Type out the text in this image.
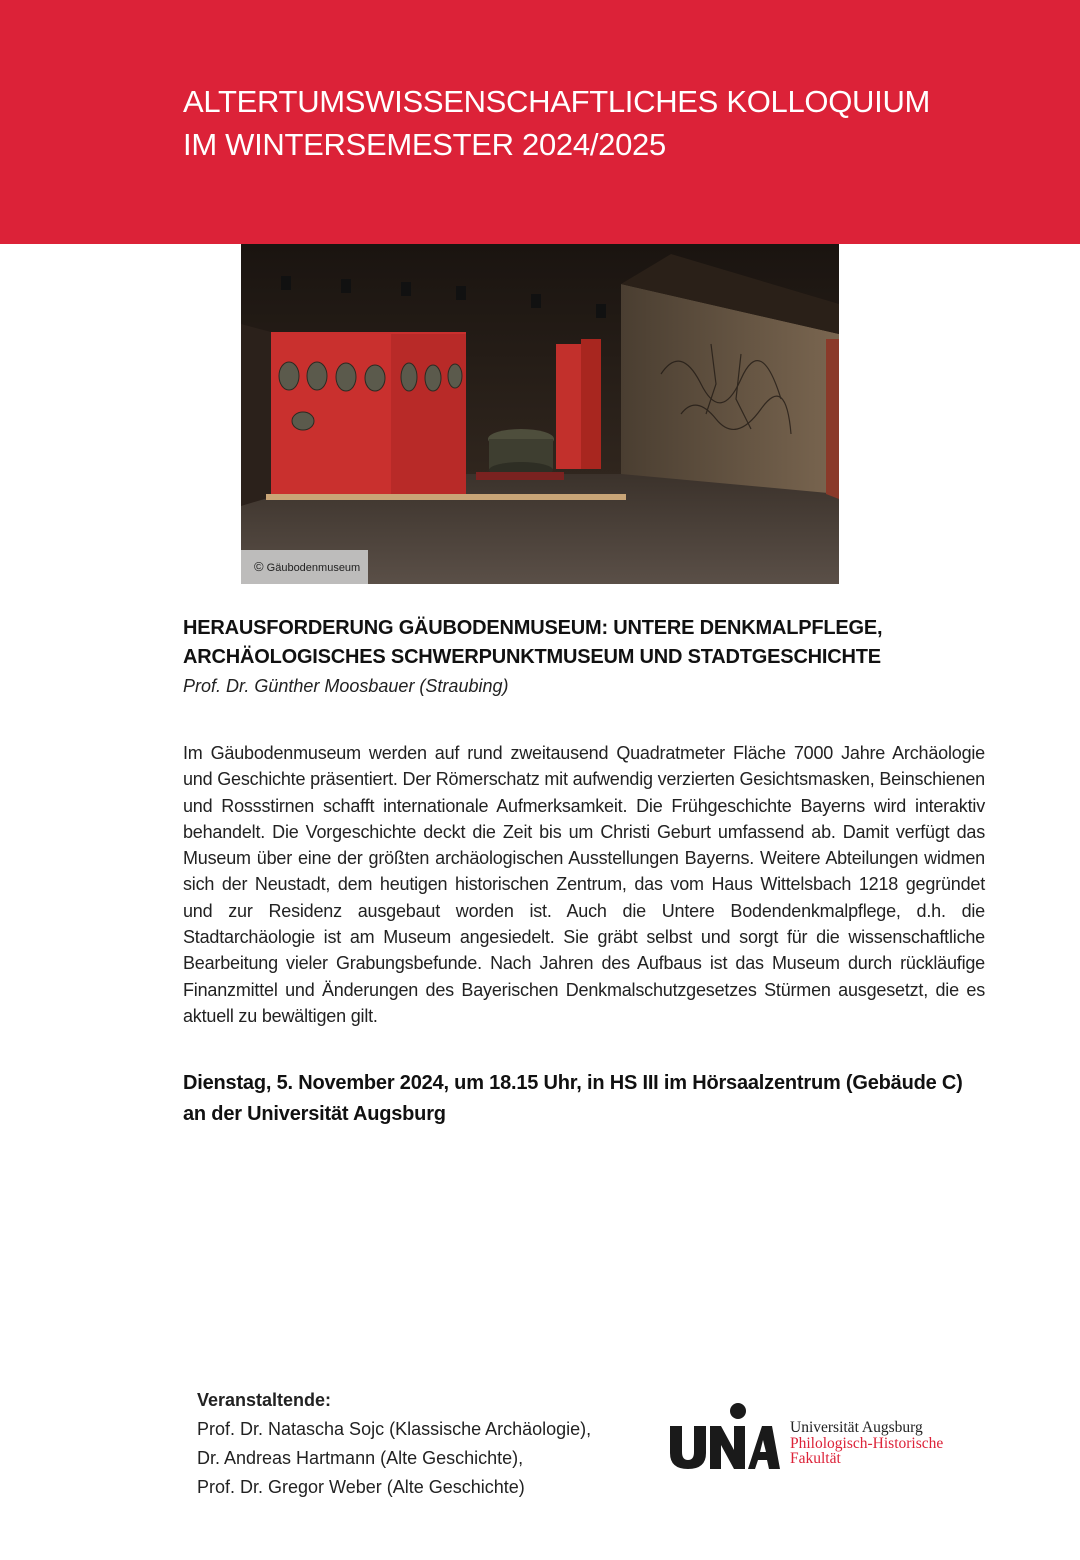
ALTERTUMSWISSENSCHAFTLICHES KOLLOQUIUM
IM WINTERSEMESTER 2024/2025
© Gäubodenmuseum
HERAUSFORDERUNG GÄUBODENMUSEUM: UNTERE DENKMALPFLEGE,
ARCHÄOLOGISCHES SCHWERPUNKTMUSEUM UND STADTGESCHICHTE

Prof. Dr. Günther Moosbauer (Straubing)

Im Gäubodenmuseum werden auf rund zweitausend Quadratmeter Fläche 7000 Jahre Archäologie und Geschichte präsentiert. Der Römerschatz mit aufwendig verzierten Gesichtsmasken, Beinschienen und Rossstirnen schafft internationale Aufmerksamkeit. Die Frühgeschichte Bayerns wird interaktiv behandelt. Die Vorgeschichte deckt die Zeit bis um Christi Geburt umfassend ab. Damit verfügt das Museum über eine der größten archäologischen Ausstellungen Bayerns. Weitere Abteilungen widmen sich der Neustadt, dem heutigen historischen Zentrum, das vom Haus Wittelsbach 1218 gegründet und zur Residenz ausgebaut worden ist. Auch die Untere Bodendenkmalpflege, d.h. die Stadtarchäologie ist am Museum angesiedelt. Sie gräbt selbst und sorgt für die wissenschaftliche Bearbeitung vieler Grabungsbefunde. Nach Jahren des Aufbaus ist das Museum durch rückläufige Finanzmittel und Änderungen des Bayerischen Denkmalschutzgesetzes Stürmen ausgesetzt, die es aktuell zu bewältigen gilt.

Dienstag, 5. November 2024, um 18.15 Uhr, in HS III im Hörsaalzentrum (Gebäude C)
an der Universität Augsburg

Veranstaltende:
Prof. Dr. Natascha Sojc (Klassische Archäologie),
Dr. Andreas Hartmann (Alte Geschichte),
Prof. Dr. Gregor Weber (Alte Geschichte)
Universität Augsburg
Philologisch-Historische
Fakultät
